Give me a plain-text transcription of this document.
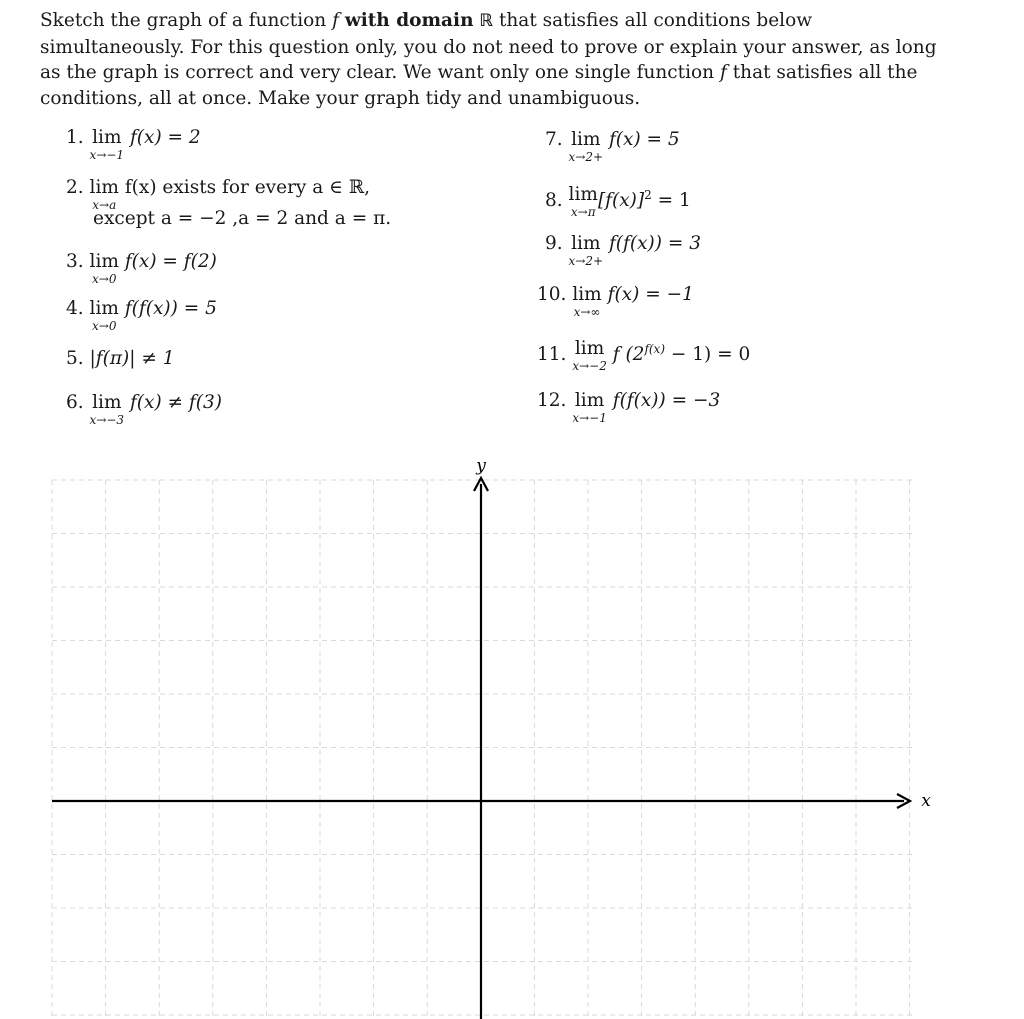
Sketch the graph of a function f with domain ℝ that satisfies all conditions below simultaneously. For this question only, you do not need to prove or explain your answer, as long as the graph is correct and very clear. We want only one single function f that satisfies all the conditions, all at once. Make your graph tidy and unambiguous.
1. lim
x→−1
f(x) = 2
2. lim
x→a
f(x) exists for every a ∈ ℝ,
except a = −2 ,a = 2 and a = π.
3. lim
x→0
f(x) = f(2)
4. lim
x→0
f(f(x)) = 5
5. |f(π)| ≠ 1
6. lim
x→−3
f(x) ≠ f(3)
7. lim
x→2+
f(x) = 5
8. lim
x→π
$[f(x)]^2 = 1$
9. lim
x→2+
f(f(x)) = 3
10. lim
x→∞
f(x) = −1
11. lim
x→−2
f $(2^{f(x)} - 1) = 0$
12. lim
x→−1
f(f(x)) = −3
y
x
